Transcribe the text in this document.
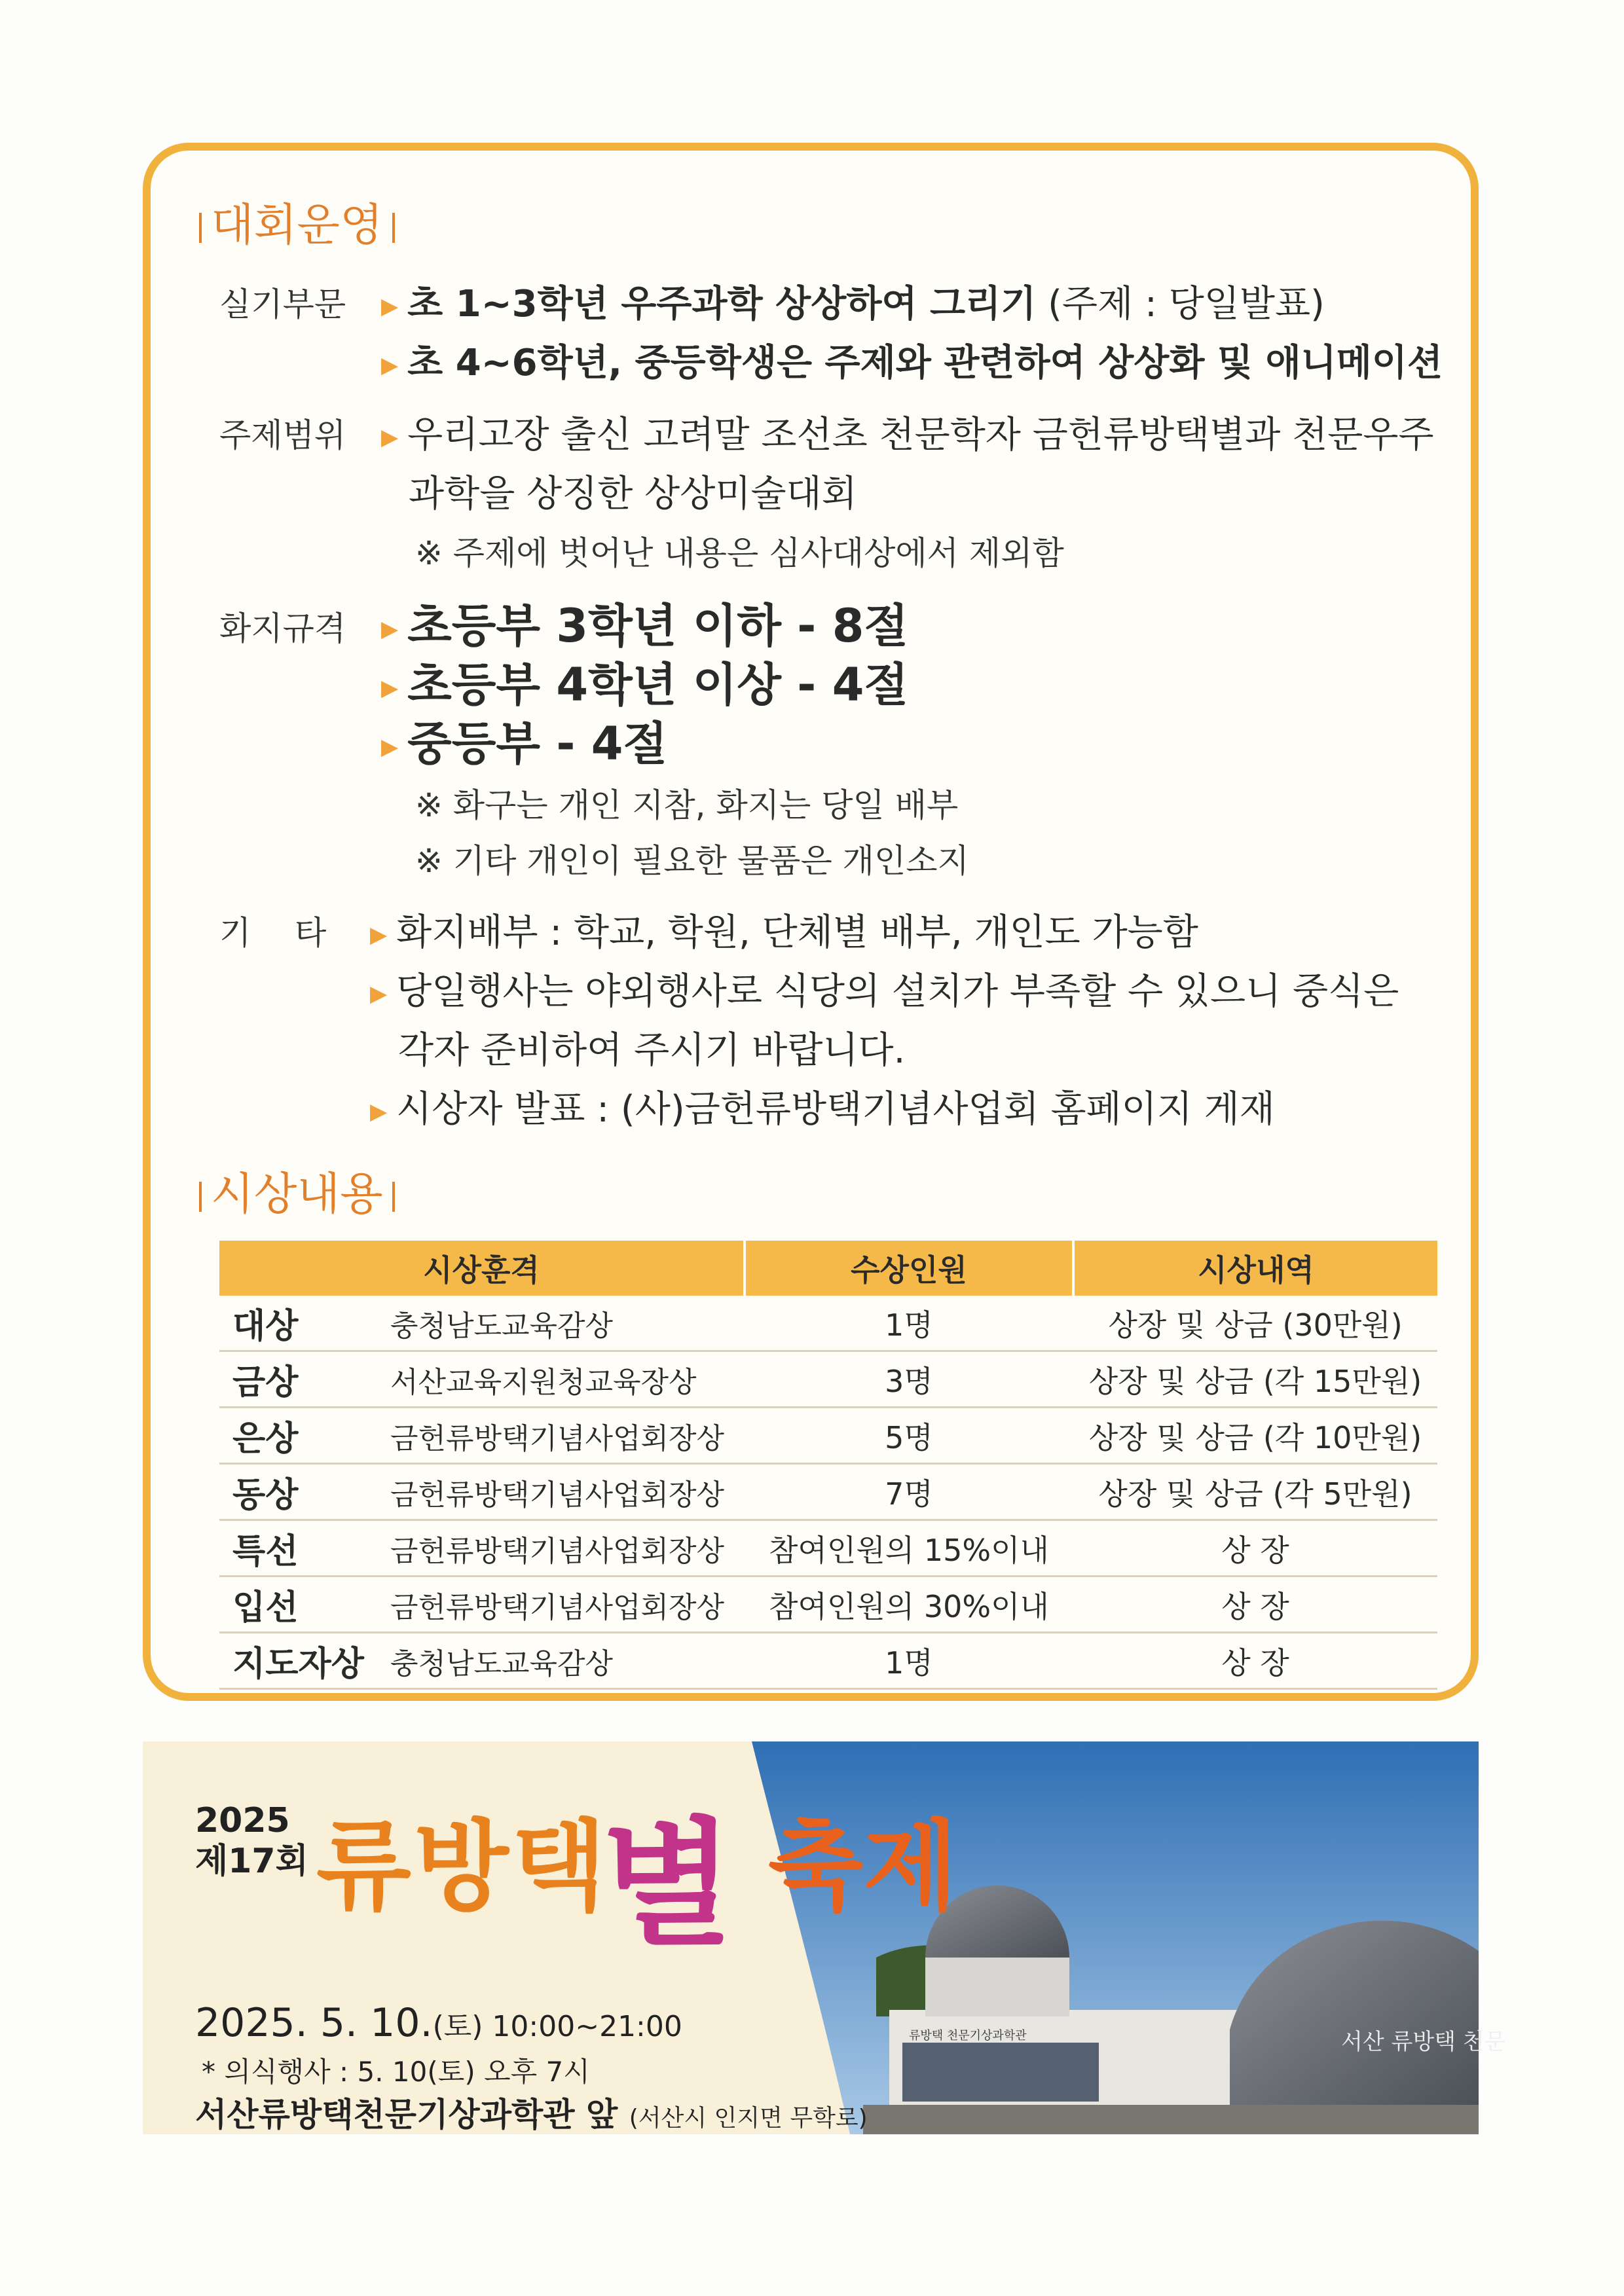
대회운영
실기부문 ▶ 초 1~3학년 우주과학 상상하여 그리기 (주제 : 당일발표)
▶ 초 4~6학년, 중등학생은 주제와 관련하여 상상화 및 애니메이션
주제범위 ▶ 우리고장 출신 고려말 조선초 천문학자 금헌류방택별과 천문우주
과학을 상징한 상상미술대회
※ 주제에 벗어난 내용은 심사대상에서 제외함
화지규격 ▶ 초등부 3학년 이하 - 8절
▶ 초등부 4학년 이상 - 4절
▶ 중등부 - 4절
※ 화구는 개인 지참, 화지는 당일 배부
※ 기타 개인이 필요한 물품은 개인소지
기 타 ▶ 화지배부 : 학교, 학원, 단체별 배부, 개인도 가능함
▶ 당일행사는 야외행사로 식당의 설치가 부족할 수 있으니 중식은
각자 준비하여 주시기 바랍니다.
▶ 시상자 발표 : (사)금헌류방택기념사업회 홈페이지 게재
시상내용
시상훈격		수상인원	시상내역
대상	충청남도교육감상	1명	상장 및 상금 (30만원)
금상	서산교육지원청교육장상	3명	상장 및 상금 (각 15만원)
은상	금헌류방택기념사업회장상	5명	상장 및 상금 (각 10만원)
동상	금헌류방택기념사업회장상	7명	상장 및 상금 (각 5만원)
특선	금헌류방택기념사업회장상	참여인원의 15%이내	상 장
입선	금헌류방택기념사업회장상	참여인원의 30%이내	상 장
지도자상	충청남도교육감상	1명	상 장
서산 류방택 천문
류방택 천문기상과학관
2025
제17회 류방택
별 축제
2025. 5. 10.(토) 10:00~21:00
* 의식행사 : 5. 10(토) 오후 7시
서산류방택천문기상과학관 앞 (서산시 인지면 무학로)
